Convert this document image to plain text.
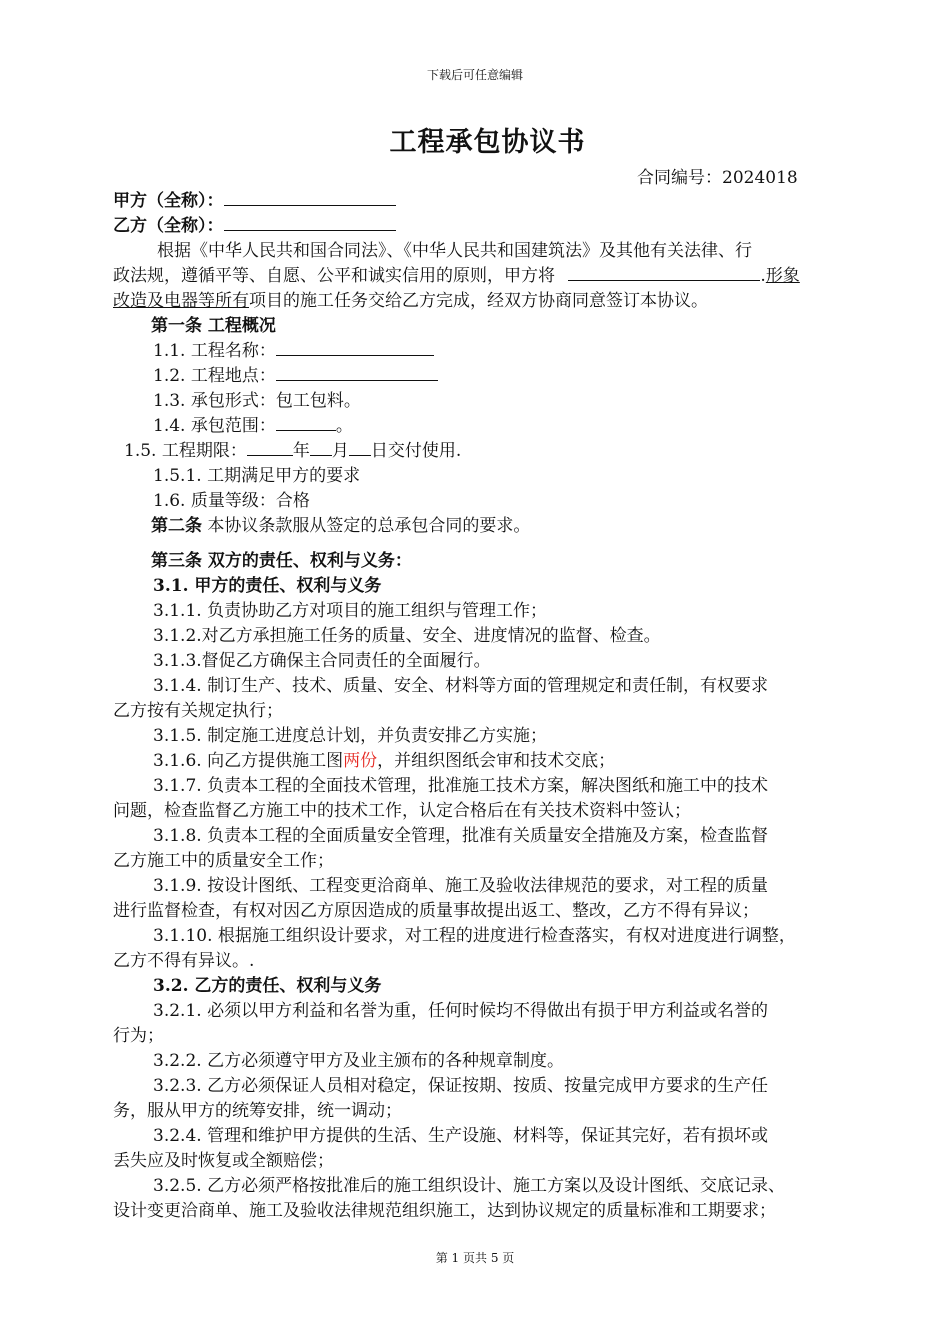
下载后可任意编辑
工程承包协议书
合同编号：2024018
甲方（全称）：
乙方（全称）：
根据《中华人民共和国合同法》、《中华人民共和国建筑法》及其他有关法律、行
政法规，遵循平等、自愿、公平和诚实信用的原则，甲方将	.形象
改造及电器等所有项目的施工任务交给乙方完成，经双方协商同意签订本协议。
第一条 工程概况
1.1. 工程名称：
1.2. 工程地点：
1.3. 承包形式：包工包料。
1.4. 承包范围：	。
1.5. 工程期限：	年 月 日交付使用.
1.5.1. 工期满足甲方的要求
1.6. 质量等级：合格
第二条 本协议条款服从签定的总承包合同的要求。
第三条 双方的责任、权利与义务：
3.1. 甲方的责任、权利与义务
3.1.1. 负责协助乙方对项目的施工组织与管理工作；
3.1.2.对乙方承担施工任务的质量、安全、进度情况的监督、检查。
3.1.3.督促乙方确保主合同责任的全面履行。
3.1.4. 制订生产、技术、质量、安全、材料等方面的管理规定和责任制，有权要求
乙方按有关规定执行；
3.1.5. 制定施工进度总计划，并负责安排乙方实施；
3.1.6. 向乙方提供施工图两份，并组织图纸会审和技术交底；
3.1.7. 负责本工程的全面技术管理，批准施工技术方案，解决图纸和施工中的技术
问题，检查监督乙方施工中的技术工作，认定合格后在有关技术资料中签认；
3.1.8. 负责本工程的全面质量安全管理，批准有关质量安全措施及方案，检查监督
乙方施工中的质量安全工作；
3.1.9. 按设计图纸、工程变更洽商单、施工及验收法律规范的要求，对工程的质量
进行监督检查，有权对因乙方原因造成的质量事故提出返工、整改，乙方不得有异议；
3.1.10. 根据施工组织设计要求，对工程的进度进行检查落实，有权对进度进行调整，
乙方不得有异议。.
3.2. 乙方的责任、权利与义务
3.2.1. 必须以甲方利益和名誉为重，任何时候均不得做出有损于甲方利益或名誉的
行为；
3.2.2. 乙方必须遵守甲方及业主颁布的各种规章制度。
3.2.3. 乙方必须保证人员相对稳定，保证按期、按质、按量完成甲方要求的生产任
务，服从甲方的统筹安排，统一调动；
3.2.4. 管理和维护甲方提供的生活、生产设施、材料等，保证其完好，若有损坏或
丢失应及时恢复或全额赔偿；
3.2.5. 乙方必须严格按批准后的施工组织设计、施工方案以及设计图纸、交底记录、
设计变更洽商单、施工及验收法律规范组织施工，达到协议规定的质量标准和工期要求；
第 1 页共 5 页
